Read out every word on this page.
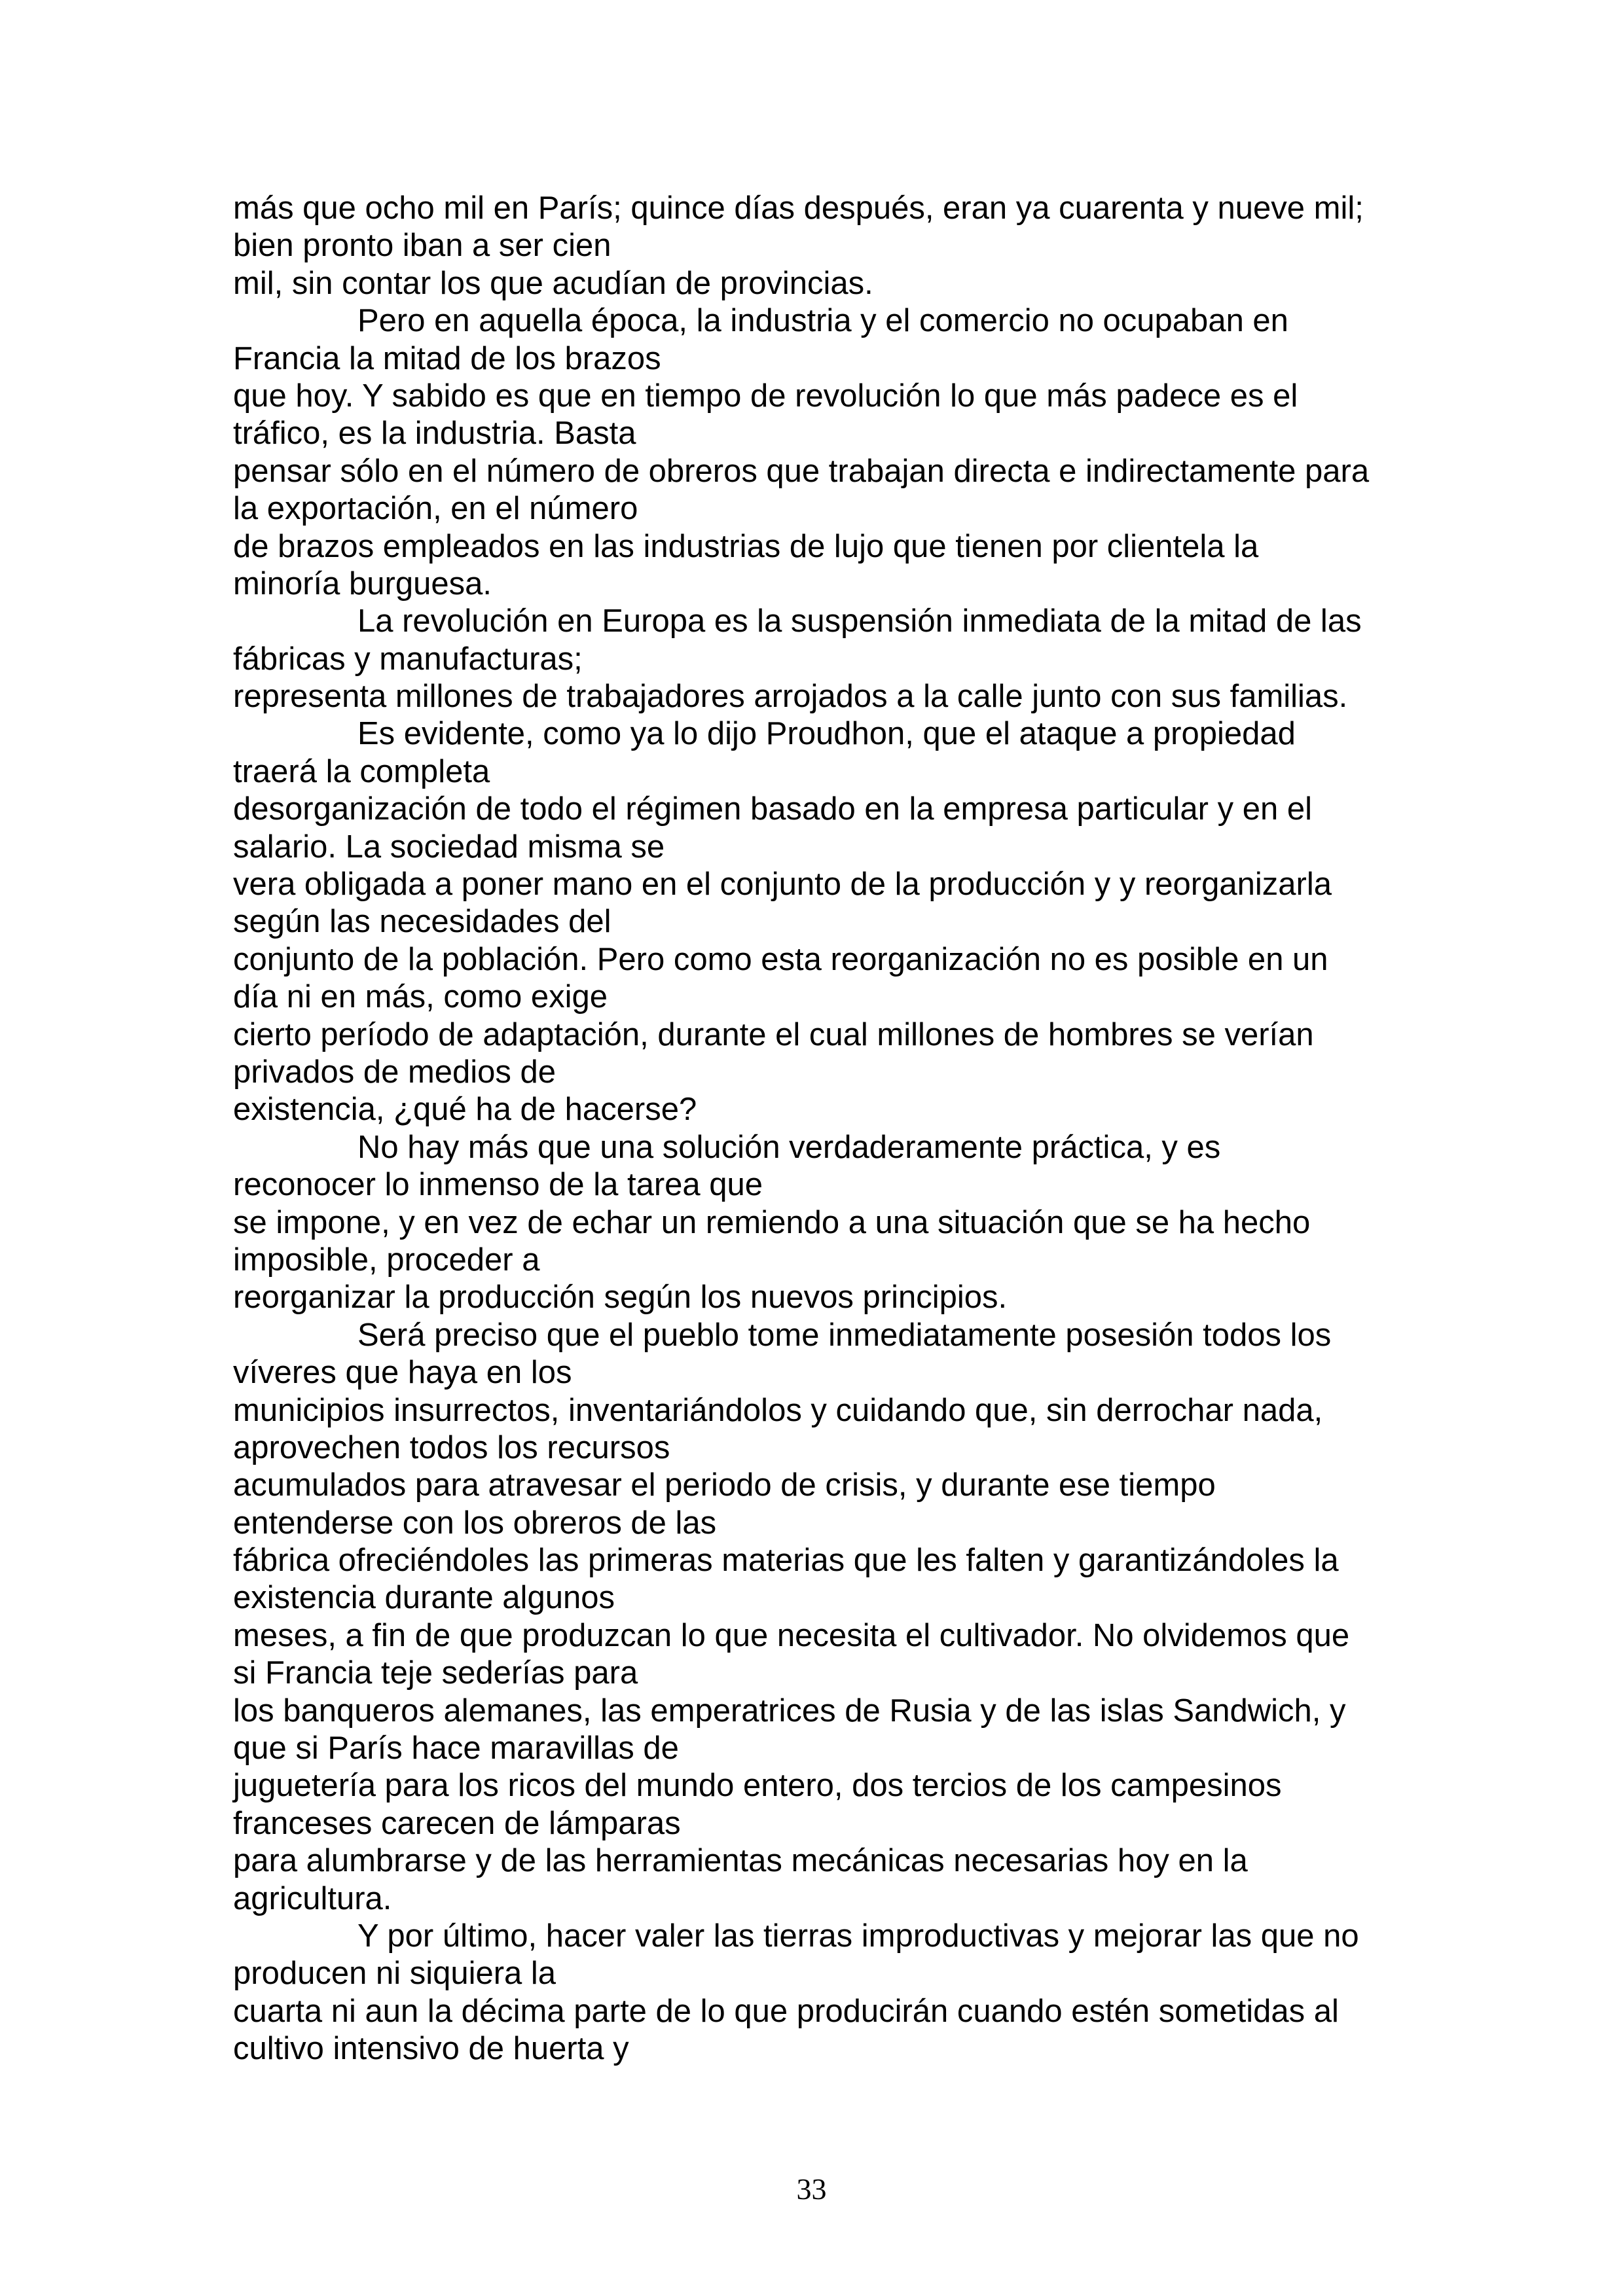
más que ocho mil en París; quince días después, eran ya cuarenta y nueve mil;
bien pronto iban a ser cien
mil, sin contar los que acudían de provincias.
Pero en aquella época, la industria y el comercio no ocupaban en
Francia la mitad de los brazos
que hoy. Y sabido es que en tiempo de revolución lo que más padece es el
tráfico, es la industria. Basta
pensar sólo en el número de obreros que trabajan directa e indirectamente para
la exportación, en el número
de brazos empleados en las industrias de lujo que tienen por clientela la
minoría burguesa.
La revolución en Europa es la suspensión inmediata de la mitad de las
fábricas y manufacturas;
representa millones de trabajadores arrojados a la calle junto con sus familias.
Es evidente, como ya lo dijo Proudhon, que el ataque a propiedad
traerá la completa
desorganización de todo el régimen basado en la empresa particular y en el
salario. La sociedad misma se
vera obligada a poner mano en el conjunto de la producción y y reorganizarla
según las necesidades del
conjunto de la población. Pero como esta reorganización no es posible en un
día ni en más, como exige
cierto período de adaptación, durante el cual millones de hombres se verían
privados de medios de
existencia, ¿qué ha de hacerse?
No hay más que una solución verdaderamente práctica, y es
reconocer lo inmenso de la tarea que
se impone, y en vez de echar un remiendo a una situación que se ha hecho
imposible, proceder a
reorganizar la producción según los nuevos principios.
Será preciso que el pueblo tome inmediatamente posesión todos los
víveres que haya en los
municipios insurrectos, inventariándolos y cuidando que, sin derrochar nada,
aprovechen todos los recursos
acumulados para atravesar el periodo de crisis, y durante ese tiempo
entenderse con los obreros de las
fábrica ofreciéndoles las primeras materias que les falten y garantizándoles la
existencia durante algunos
meses, a fin de que produzcan lo que necesita el cultivador. No olvidemos que
si Francia teje sederías para
los banqueros alemanes, las emperatrices de Rusia y de las islas Sandwich, y
que si París hace maravillas de
juguetería para los ricos del mundo entero, dos tercios de los campesinos
franceses carecen de lámparas
para alumbrarse y de las herramientas mecánicas necesarias hoy en la
agricultura.
Y por último, hacer valer las tierras improductivas y mejorar las que no
producen ni siquiera la
cuarta ni aun la décima parte de lo que producirán cuando estén sometidas al
cultivo intensivo de huerta y
33
